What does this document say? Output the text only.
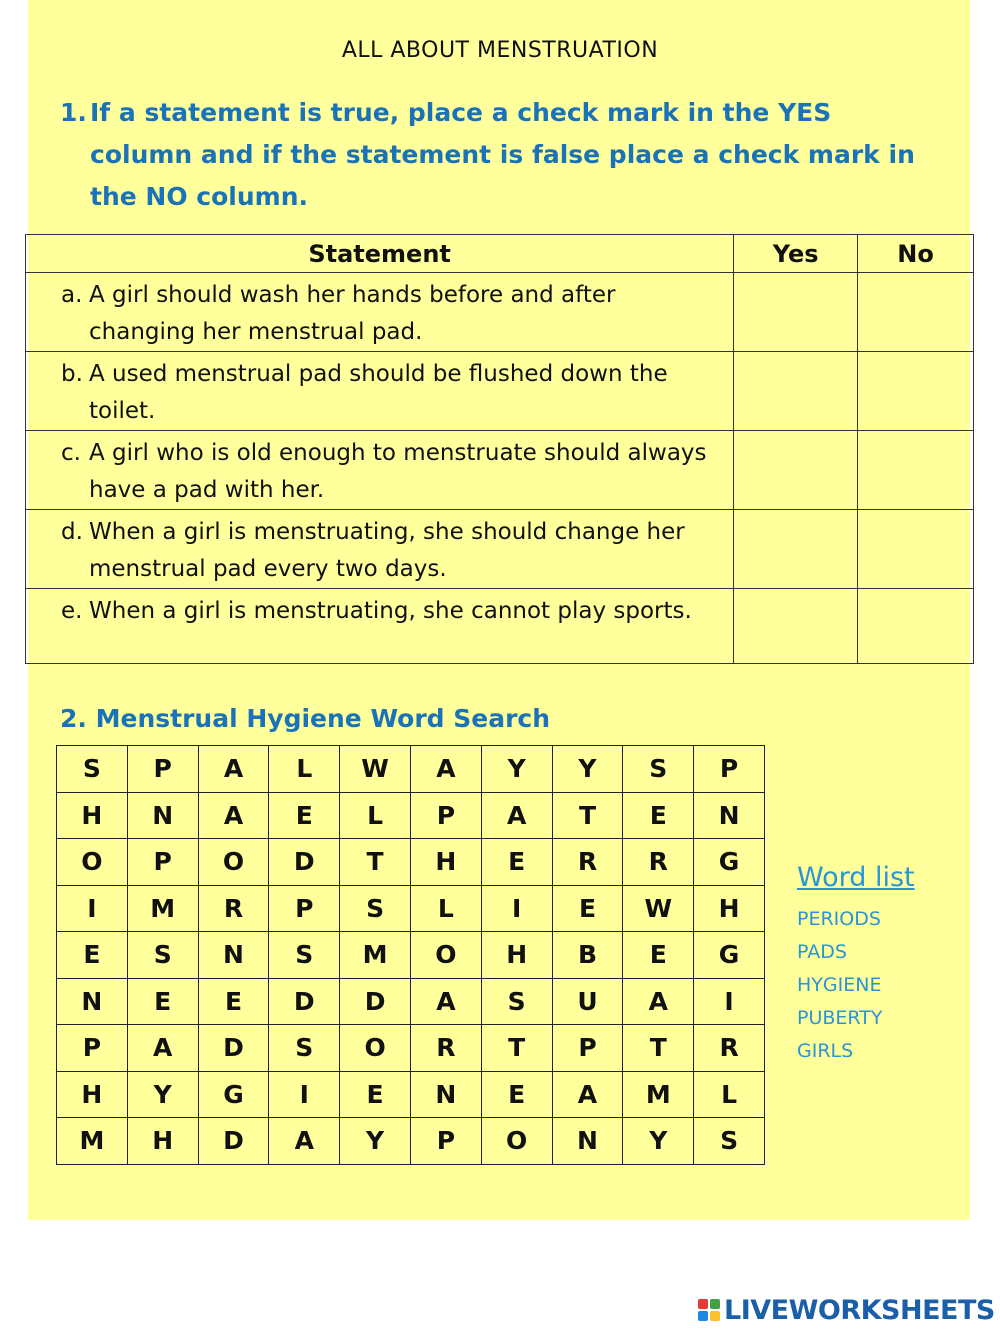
ALL ABOUT MENSTRUATION
1. If a statement is true, place a check mark in the YES column and if the statement is false place a check mark in the NO column.
Statement	Yes	No

a. A girl should wash her hands before and after changing her menstrual pad.		

b. A used menstrual pad should be flushed down the toilet.		

c. A girl who is old enough to menstruate should always have a pad with her.		

d. When a girl is menstruating, she should change her menstrual pad every two days.		

e. When a girl is menstruating, she cannot play sports.		

2. Menstrual Hygiene Word Search
S	P	A	L	W	A	Y	Y	S	P
H	N	A	E	L	P	A	T	E	N
O	P	O	D	T	H	E	R	R	G
I	M	R	P	S	L	I	E	W	H
E	S	N	S	M	O	H	B	E	G
N	E	E	D	D	A	S	U	A	I
P	A	D	S	O	R	T	P	T	R
H	Y	G	I	E	N	E	A	M	L
M	H	D	A	Y	P	O	N	Y	S
Word list
PERIODS
PADS
HYGIENE
PUBERTY
GIRLS
LIVEWORKSHEETS
